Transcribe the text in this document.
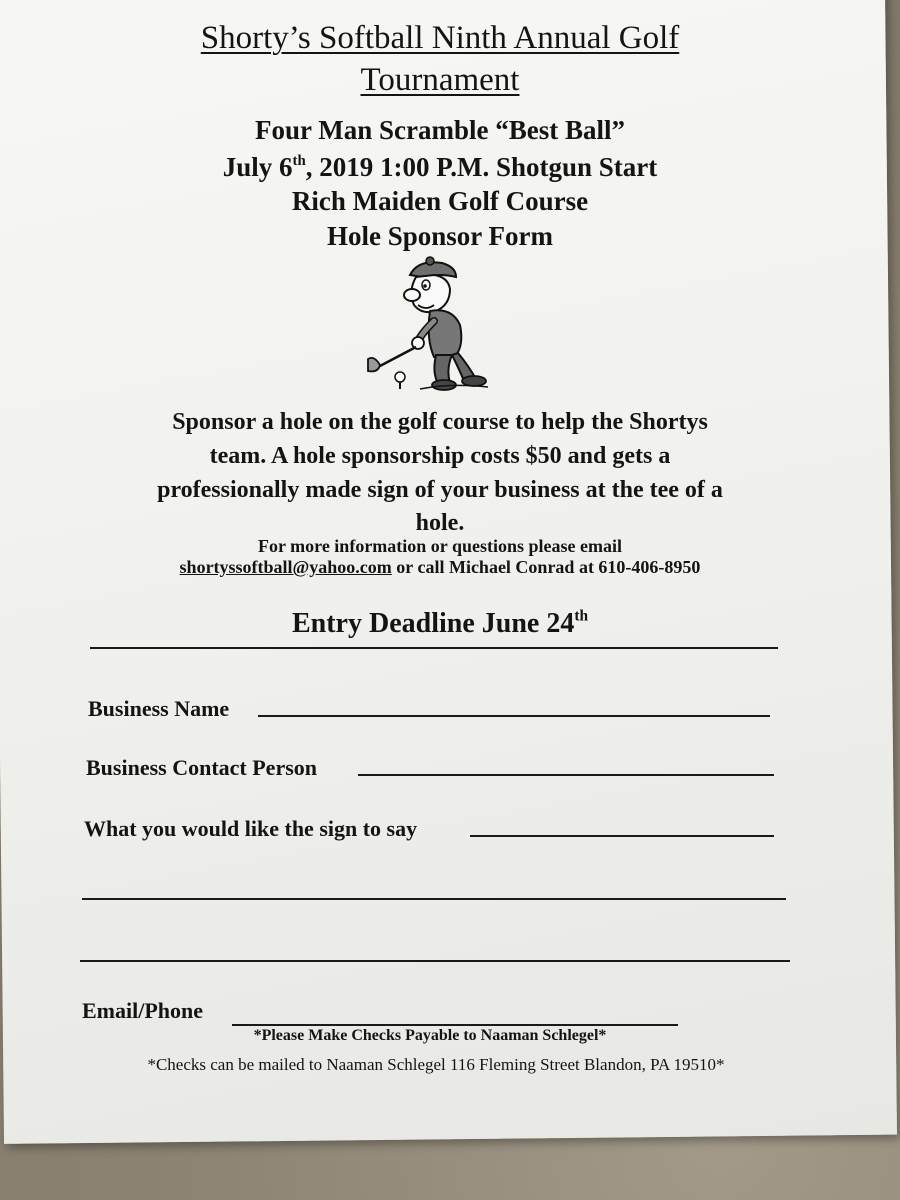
Shorty’s Softball Ninth Annual Golf
Tournament
Four Man Scramble “Best Ball”
July 6th, 2019 1:00 P.M. Shotgun Start
Rich Maiden Golf Course
Hole Sponsor Form
Sponsor a hole on the golf course to help the Shortys
team. A hole sponsorship costs $50 and gets a
professionally made sign of your business at the tee of a
hole.
For more information or questions please email
shortyssoftball@yahoo.com or call Michael Conrad at 610-406-8950
Entry Deadline June 24th
Business Name
Business Contact Person
What you would like the sign to say
Email/Phone
*Please Make Checks Payable to Naaman Schlegel*
*Checks can be mailed to Naaman Schlegel 116 Fleming Street Blandon, PA 19510*
